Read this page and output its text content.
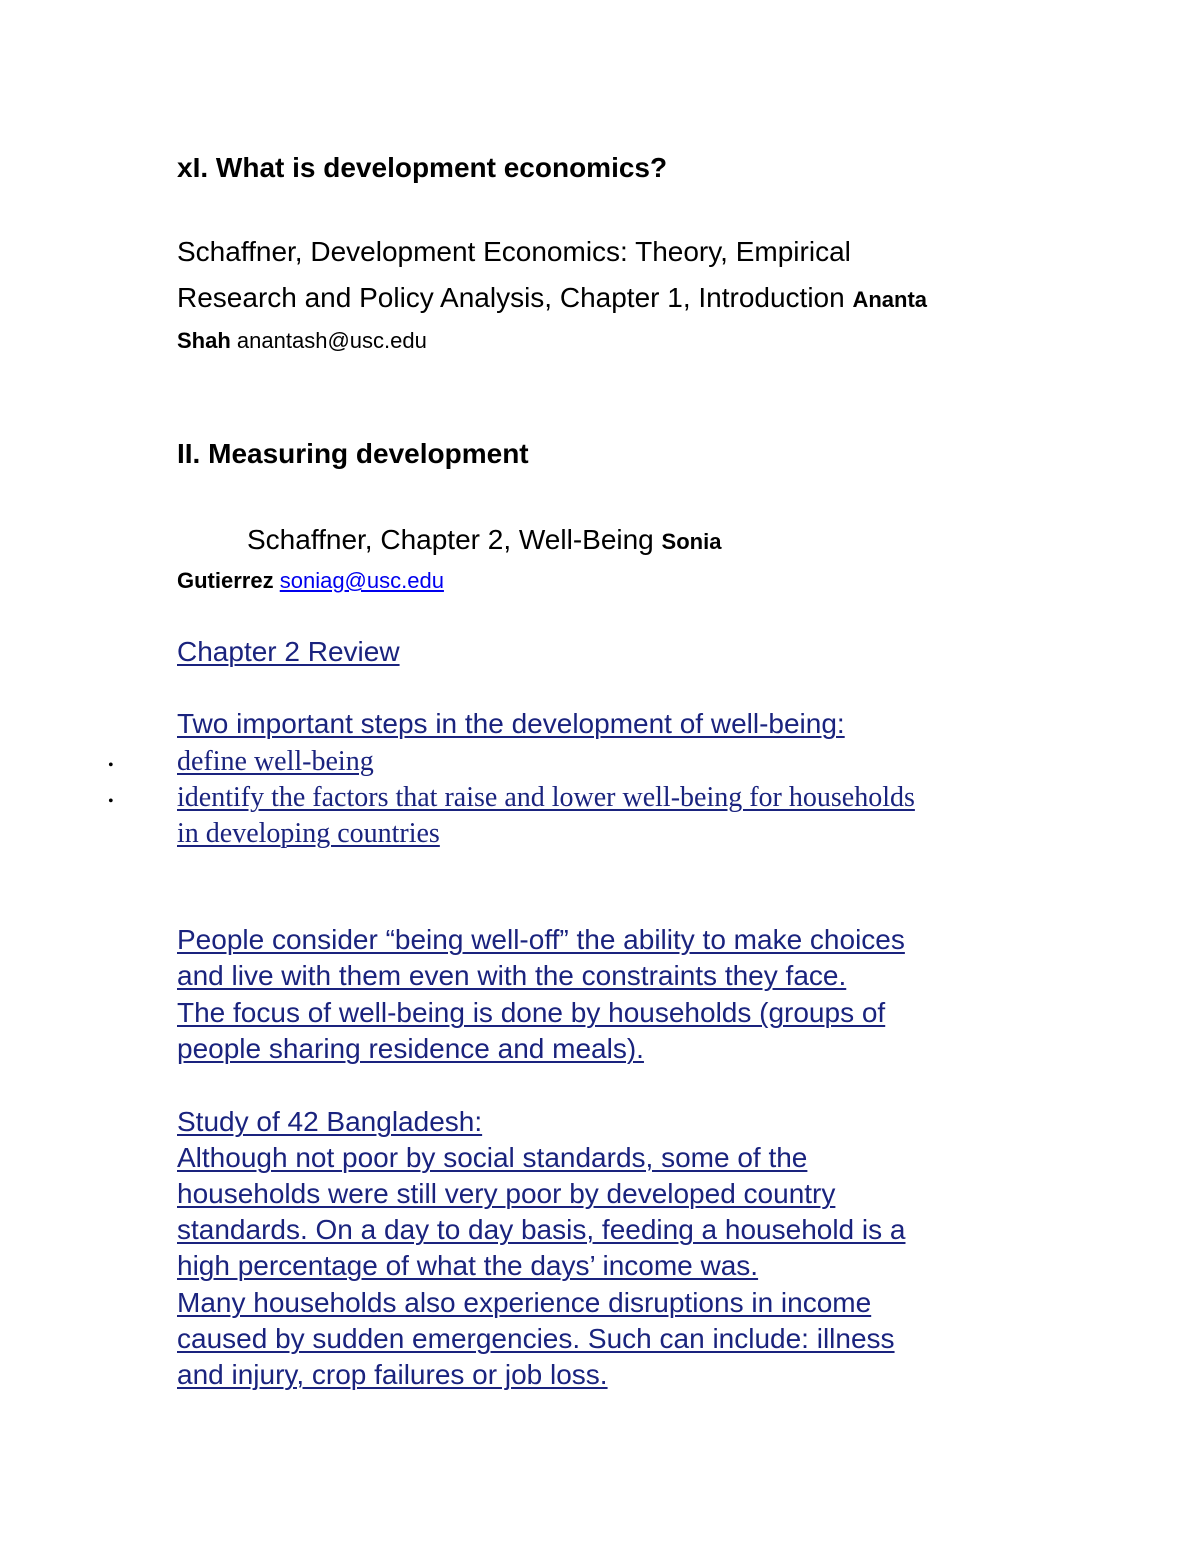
xI. What is development economics?
Schaffner, Development Economics: Theory, Empirical
Research and Policy Analysis, Chapter 1, Introduction Ananta
Shah anantash@usc.edu
II. Measuring development
Schaffner, Chapter 2, Well-Being Sonia
Gutierrez soniag@usc.edu
Chapter 2 Review
Two important steps in the development of well-being:
• define well-being
• identify the factors that raise and lower well-being for households
in developing countries
People consider “being well-off” the ability to make choices
and live with them even with the constraints they face.
The focus of well-being is done by households (groups of
people sharing residence and meals).
Study of 42 Bangladesh:
Although not poor by social standards, some of the
households were still very poor by developed country
standards. On a day to day basis, feeding a household is a
high percentage of what the days’ income was.
Many households also experience disruptions in income
caused by sudden emergencies. Such can include: illness
and injury, crop failures or job loss.
